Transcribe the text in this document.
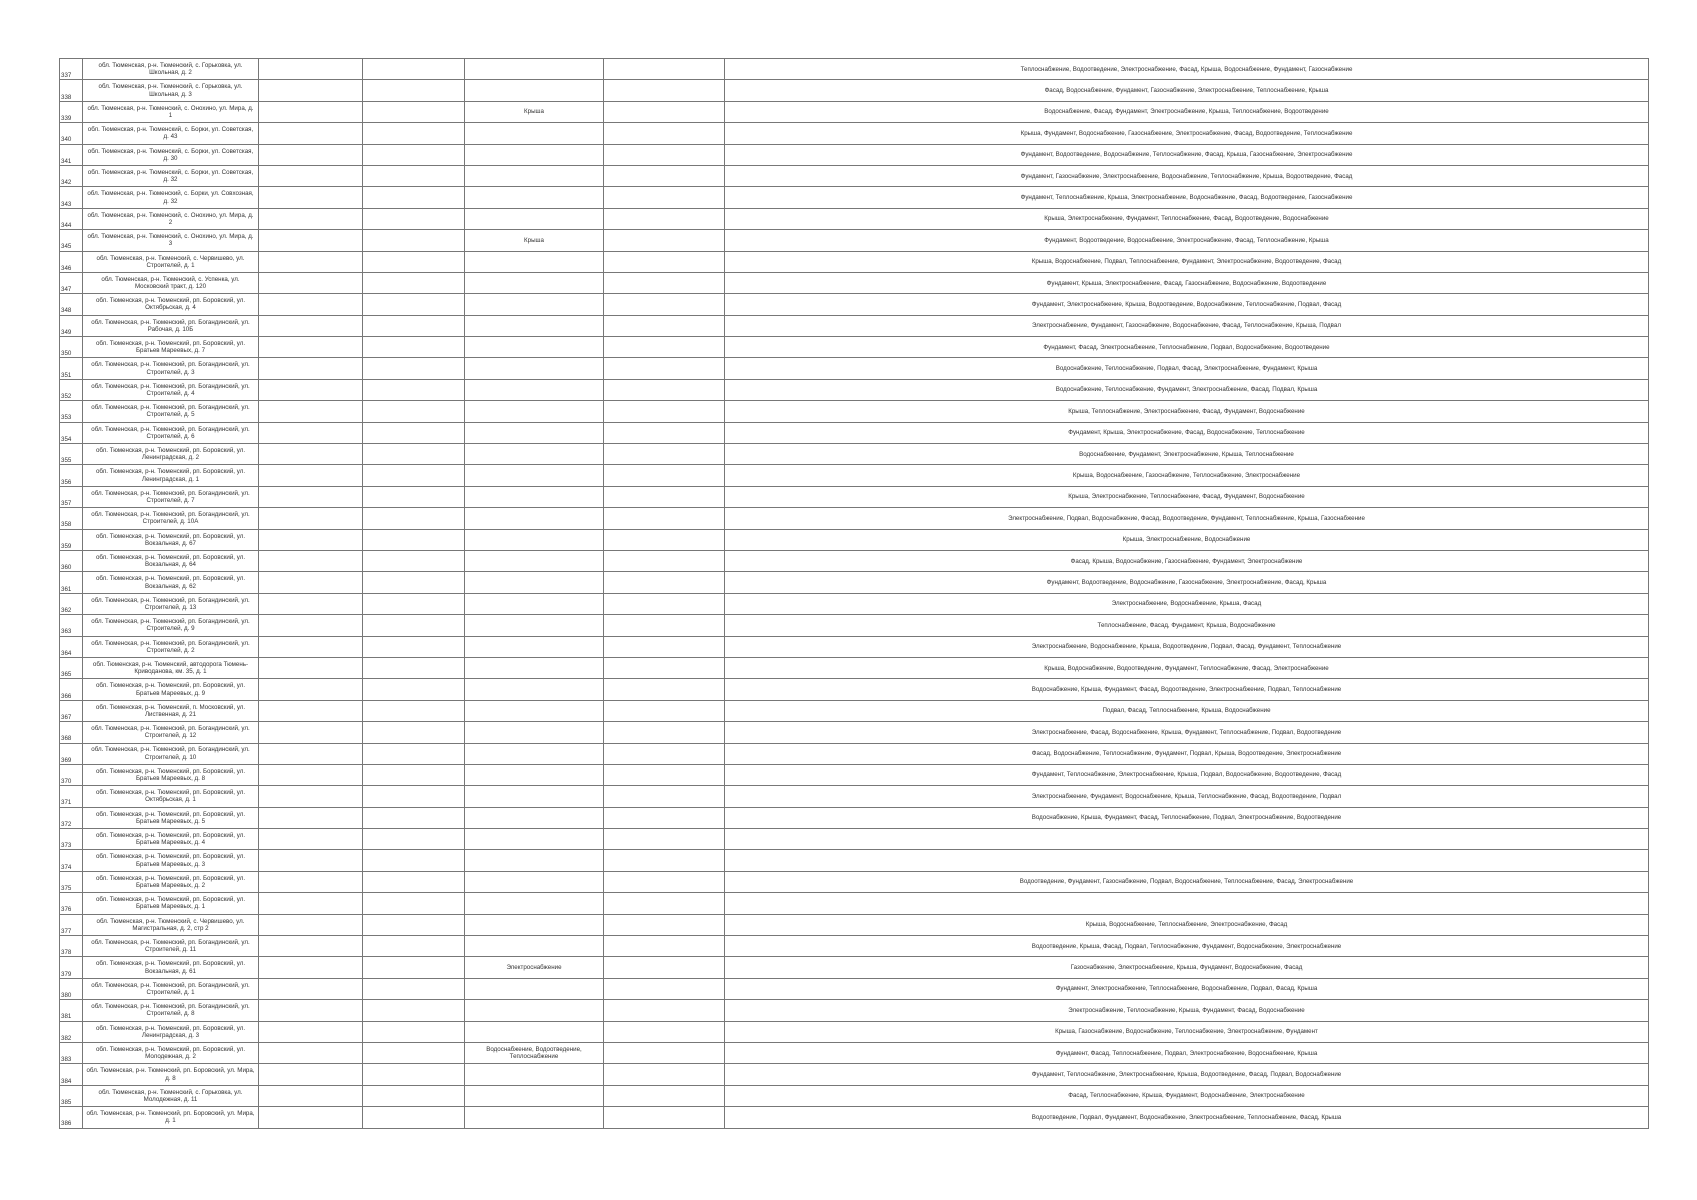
337	обл. Тюменская, р-н. Тюменский, с. Горьковка, ул. Школьная, д. 2					Теплоснабжение, Водоотведение, Электроснабжение, Фасад, Крыша, Водоснабжение, Фундамент, Газоснабжение
338	обл. Тюменская, р-н. Тюменский, с. Горьковка, ул. Школьная, д. 3					Фасад, Водоснабжение, Фундамент, Газоснабжение, Электроснабжение, Теплоснабжение, Крыша
339	обл. Тюменская, р-н. Тюменский, с. Онохино, ул. Мира, д. 1			Крыша		Водоснабжение, Фасад, Фундамент, Электроснабжение, Крыша, Теплоснабжение, Водоотведение
340	обл. Тюменская, р-н. Тюменский, с. Борки, ул. Советская, д. 43					Крыша, Фундамент, Водоснабжение, Газоснабжение, Электроснабжение, Фасад, Водоотведение, Теплоснабжение
341	обл. Тюменская, р-н. Тюменский, с. Борки, ул. Советская, д. 30					Фундамент, Водоотведение, Водоснабжение, Теплоснабжение, Фасад, Крыша, Газоснабжение, Электроснабжение
342	обл. Тюменская, р-н. Тюменский, с. Борки, ул. Советская, д. 32					Фундамент, Газоснабжение, Электроснабжение, Водоснабжение, Теплоснабжение, Крыша, Водоотведение, Фасад
343	обл. Тюменская, р-н. Тюменский, с. Борки, ул. Совхозная, д. 32					Фундамент, Теплоснабжение, Крыша, Электроснабжение, Водоснабжение, Фасад, Водоотведение, Газоснабжение
344	обл. Тюменская, р-н. Тюменский, с. Онохино, ул. Мира, д. 2					Крыша, Электроснабжение, Фундамент, Теплоснабжение, Фасад, Водоотведение, Водоснабжение
345	обл. Тюменская, р-н. Тюменский, с. Онохино, ул. Мира, д. 3			Крыша		Фундамент, Водоотведение, Водоснабжение, Электроснабжение, Фасад, Теплоснабжение, Крыша
346	обл. Тюменская, р-н. Тюменский, с. Червишево, ул. Строителей, д. 1					Крыша, Водоснабжение, Подвал, Теплоснабжение, Фундамент, Электроснабжение, Водоотведение, Фасад
347	обл. Тюменская, р-н. Тюменский, с. Успенка, ул. Московский тракт, д. 120					Фундамент, Крыша, Электроснабжение, Фасад, Газоснабжение, Водоснабжение, Водоотведение
348	обл. Тюменская, р-н. Тюменский, рп. Боровский, ул. Октябрьская, д. 4					Фундамент, Электроснабжение, Крыша, Водоотведение, Водоснабжение, Теплоснабжение, Подвал, Фасад
349	обл. Тюменская, р-н. Тюменский, рп. Богандинский, ул. Рабочая, д. 10Б					Электроснабжение, Фундамент, Газоснабжение, Водоснабжение, Фасад, Теплоснабжение, Крыша, Подвал
350	обл. Тюменская, р-н. Тюменский, рп. Боровский, ул. Братьев Мареевых, д. 7					Фундамент, Фасад, Электроснабжение, Теплоснабжение, Подвал, Водоснабжение, Водоотведение
351	обл. Тюменская, р-н. Тюменский, рп. Богандинский, ул. Строителей, д. 3					Водоснабжение, Теплоснабжение, Подвал, Фасад, Электроснабжение, Фундамент, Крыша
352	обл. Тюменская, р-н. Тюменский, рп. Богандинский, ул. Строителей, д. 4					Водоснабжение, Теплоснабжение, Фундамент, Электроснабжение, Фасад, Подвал, Крыша
353	обл. Тюменская, р-н. Тюменский, рп. Богандинский, ул. Строителей, д. 5					Крыша, Теплоснабжение, Электроснабжение, Фасад, Фундамент, Водоснабжение
354	обл. Тюменская, р-н. Тюменский, рп. Богандинский, ул. Строителей, д. 6					Фундамент, Крыша, Электроснабжение, Фасад, Водоснабжение, Теплоснабжение
355	обл. Тюменская, р-н. Тюменский, рп. Боровский, ул. Ленинградская, д. 2					Водоснабжение, Фундамент, Электроснабжение, Крыша, Теплоснабжение
356	обл. Тюменская, р-н. Тюменский, рп. Боровский, ул. Ленинградская, д. 1					Крыша, Водоснабжение, Газоснабжение, Теплоснабжение, Электроснабжение
357	обл. Тюменская, р-н. Тюменский, рп. Богандинский, ул. Строителей, д. 7					Крыша, Электроснабжение, Теплоснабжение, Фасад, Фундамент, Водоснабжение
358	обл. Тюменская, р-н. Тюменский, рп. Богандинский, ул. Строителей, д. 10А					Электроснабжение, Подвал, Водоснабжение, Фасад, Водоотведение, Фундамент, Теплоснабжение, Крыша, Газоснабжение
359	обл. Тюменская, р-н. Тюменский, рп. Боровский, ул. Вокзальная, д. 67					Крыша, Электроснабжение, Водоснабжение
360	обл. Тюменская, р-н. Тюменский, рп. Боровский, ул. Вокзальная, д. 64					Фасад, Крыша, Водоснабжение, Газоснабжение, Фундамент, Электроснабжение
361	обл. Тюменская, р-н. Тюменский, рп. Боровский, ул. Вокзальная, д. 62					Фундамент, Водоотведение, Водоснабжение, Газоснабжение, Электроснабжение, Фасад, Крыша
362	обл. Тюменская, р-н. Тюменский, рп. Богандинский, ул. Строителей, д. 13					Электроснабжение, Водоснабжение, Крыша, Фасад
363	обл. Тюменская, р-н. Тюменский, рп. Богандинский, ул. Строителей, д. 9					Теплоснабжение, Фасад, Фундамент, Крыша, Водоснабжение
364	обл. Тюменская, р-н. Тюменский, рп. Богандинский, ул. Строителей, д. 2					Электроснабжение, Водоснабжение, Крыша, Водоотведение, Подвал, Фасад, Фундамент, Теплоснабжение
365	обл. Тюменская, р-н. Тюменский, автодорога Тюмень-Криводанова, км. 35, д. 1					Крыша, Водоснабжение, Водоотведение, Фундамент, Теплоснабжение, Фасад, Электроснабжение
366	обл. Тюменская, р-н. Тюменский, рп. Боровский, ул. Братьев Мареевых, д. 9					Водоснабжение, Крыша, Фундамент, Фасад, Водоотведение, Электроснабжение, Подвал, Теплоснабжение
367	обл. Тюменская, р-н. Тюменский, п. Московский, ул. Лиственная, д. 21					Подвал, Фасад, Теплоснабжение, Крыша, Водоснабжение
368	обл. Тюменская, р-н. Тюменский, рп. Богандинский, ул. Строителей, д. 12					Электроснабжение, Фасад, Водоснабжение, Крыша, Фундамент, Теплоснабжение, Подвал, Водоотведение
369	обл. Тюменская, р-н. Тюменский, рп. Богандинский, ул. Строителей, д. 10					Фасад, Водоснабжение, Теплоснабжение, Фундамент, Подвал, Крыша, Водоотведение, Электроснабжение
370	обл. Тюменская, р-н. Тюменский, рп. Боровский, ул. Братьев Мареевых, д. 8					Фундамент, Теплоснабжение, Электроснабжение, Крыша, Подвал, Водоснабжение, Водоотведение, Фасад
371	обл. Тюменская, р-н. Тюменский, рп. Боровский, ул. Октябрьская, д. 1					Электроснабжение, Фундамент, Водоснабжение, Крыша, Теплоснабжение, Фасад, Водоотведение, Подвал
372	обл. Тюменская, р-н. Тюменский, рп. Боровский, ул. Братьев Мареевых, д. 5					Водоснабжение, Крыша, Фундамент, Фасад, Теплоснабжение, Подвал, Электроснабжение, Водоотведение
373	обл. Тюменская, р-н. Тюменский, рп. Боровский, ул. Братьев Мареевых, д. 4					
374	обл. Тюменская, р-н. Тюменский, рп. Боровский, ул. Братьев Мареевых, д. 3					
375	обл. Тюменская, р-н. Тюменский, рп. Боровский, ул. Братьев Мареевых, д. 2					Водоотведение, Фундамент, Газоснабжение, Подвал, Водоснабжение, Теплоснабжение, Фасад, Электроснабжение
376	обл. Тюменская, р-н. Тюменский, рп. Боровский, ул. Братьев Мареевых, д. 1					
377	обл. Тюменская, р-н. Тюменский, с. Червишево, ул. Магистральная, д. 2, стр 2					Крыша, Водоснабжение, Теплоснабжение, Электроснабжение, Фасад
378	обл. Тюменская, р-н. Тюменский, рп. Богандинский, ул. Строителей, д. 11					Водоотведение, Крыша, Фасад, Подвал, Теплоснабжение, Фундамент, Водоснабжение, Электроснабжение
379	обл. Тюменская, р-н. Тюменский, рп. Боровский, ул. Вокзальная, д. 61			Электроснабжение		Газоснабжение, Электроснабжение, Крыша, Фундамент, Водоснабжение, Фасад
380	обл. Тюменская, р-н. Тюменский, рп. Богандинский, ул. Строителей, д. 1					Фундамент, Электроснабжение, Теплоснабжение, Водоснабжение, Подвал, Фасад, Крыша
381	обл. Тюменская, р-н. Тюменский, рп. Богандинский, ул. Строителей, д. 8					Электроснабжение, Теплоснабжение, Крыша, Фундамент, Фасад, Водоснабжение
382	обл. Тюменская, р-н. Тюменский, рп. Боровский, ул. Ленинградская, д. 3					Крыша, Газоснабжение, Водоснабжение, Теплоснабжение, Электроснабжение, Фундамент
383	обл. Тюменская, р-н. Тюменский, рп. Боровский, ул. Молодежная, д. 2			Водоснабжение, Водоотведение, Теплоснабжение		Фундамент, Фасад, Теплоснабжение, Подвал, Электроснабжение, Водоснабжение, Крыша
384	обл. Тюменская, р-н. Тюменский, рп. Боровский, ул. Мира, д. 8					Фундамент, Теплоснабжение, Электроснабжение, Крыша, Водоотведение, Фасад, Подвал, Водоснабжение
385	обл. Тюменская, р-н. Тюменский, с. Горьковка, ул. Молодежная, д. 11					Фасад, Теплоснабжение, Крыша, Фундамент, Водоснабжение, Электроснабжение
386	обл. Тюменская, р-н. Тюменский, рп. Боровский, ул. Мира, д. 1					Водоотведение, Подвал, Фундамент, Водоснабжение, Электроснабжение, Теплоснабжение, Фасад, Крыша
